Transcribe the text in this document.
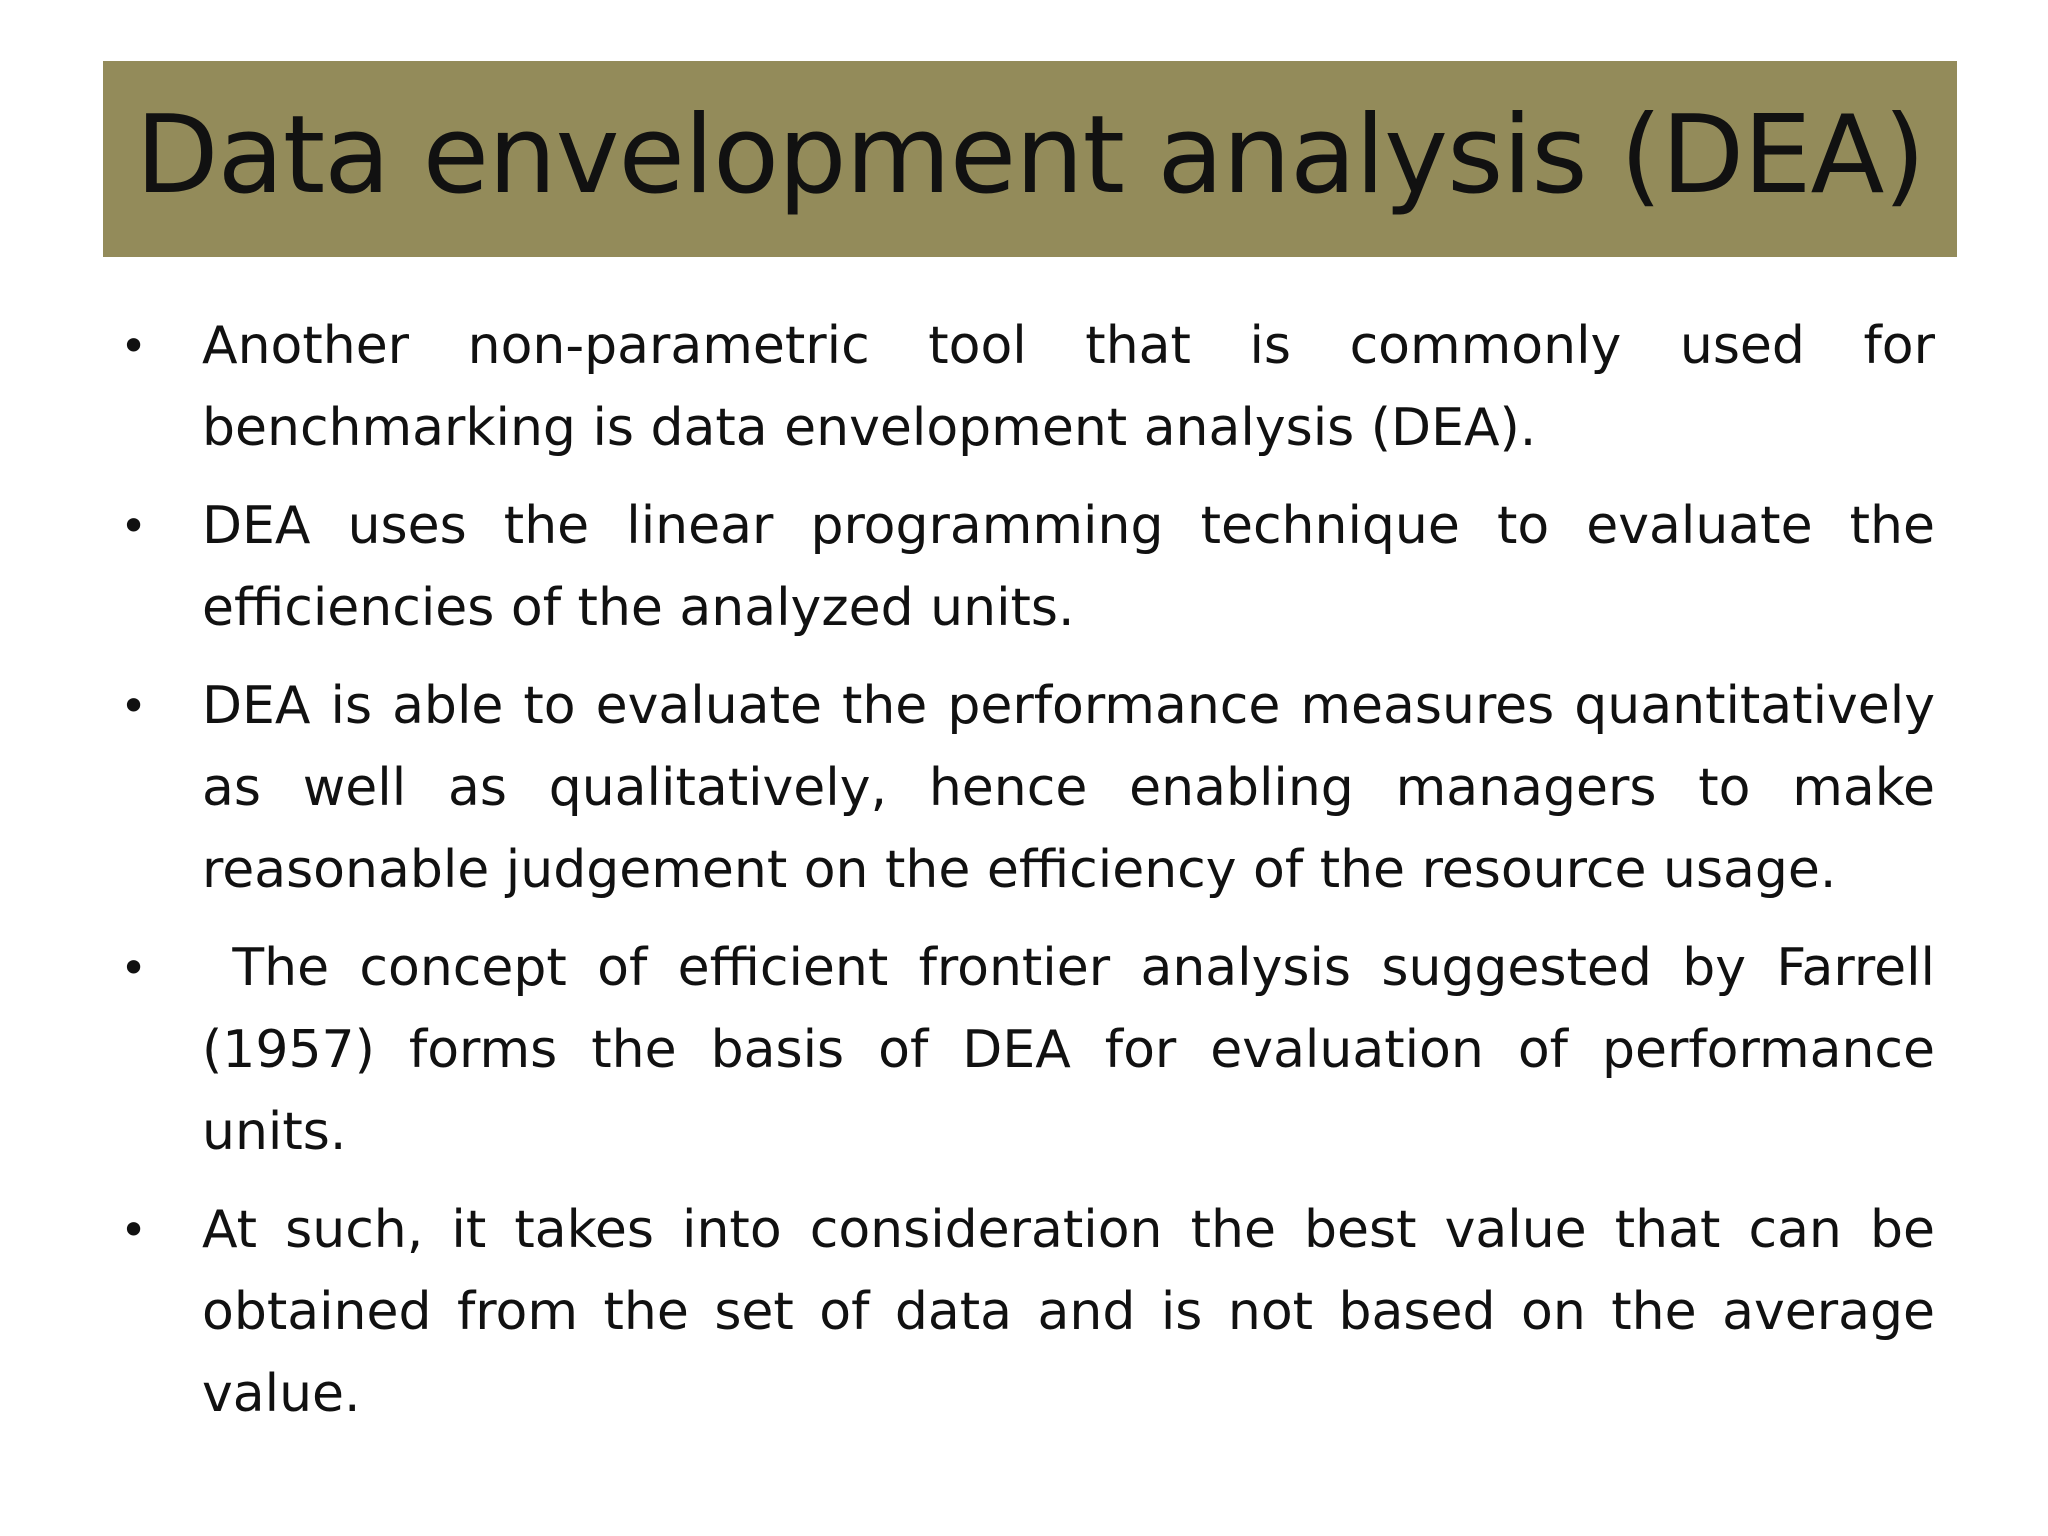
Data envelopment analysis (DEA)
• Another non-parametric tool that is commonly used for benchmarking is data envelopment analysis (DEA).
• DEA uses the linear programming technique to evaluate the efficiencies of the analyzed units.
• DEA is able to evaluate the performance measures quantitatively as well as qualitatively, hence enabling managers to make reasonable judgement on the efficiency of the resource usage.
• The concept of efficient frontier analysis suggested by Farrell (1957) forms the basis of DEA for evaluation of performance units.
• At such, it takes into consideration the best value that can be obtained from the set of data and is not based on the average value.
